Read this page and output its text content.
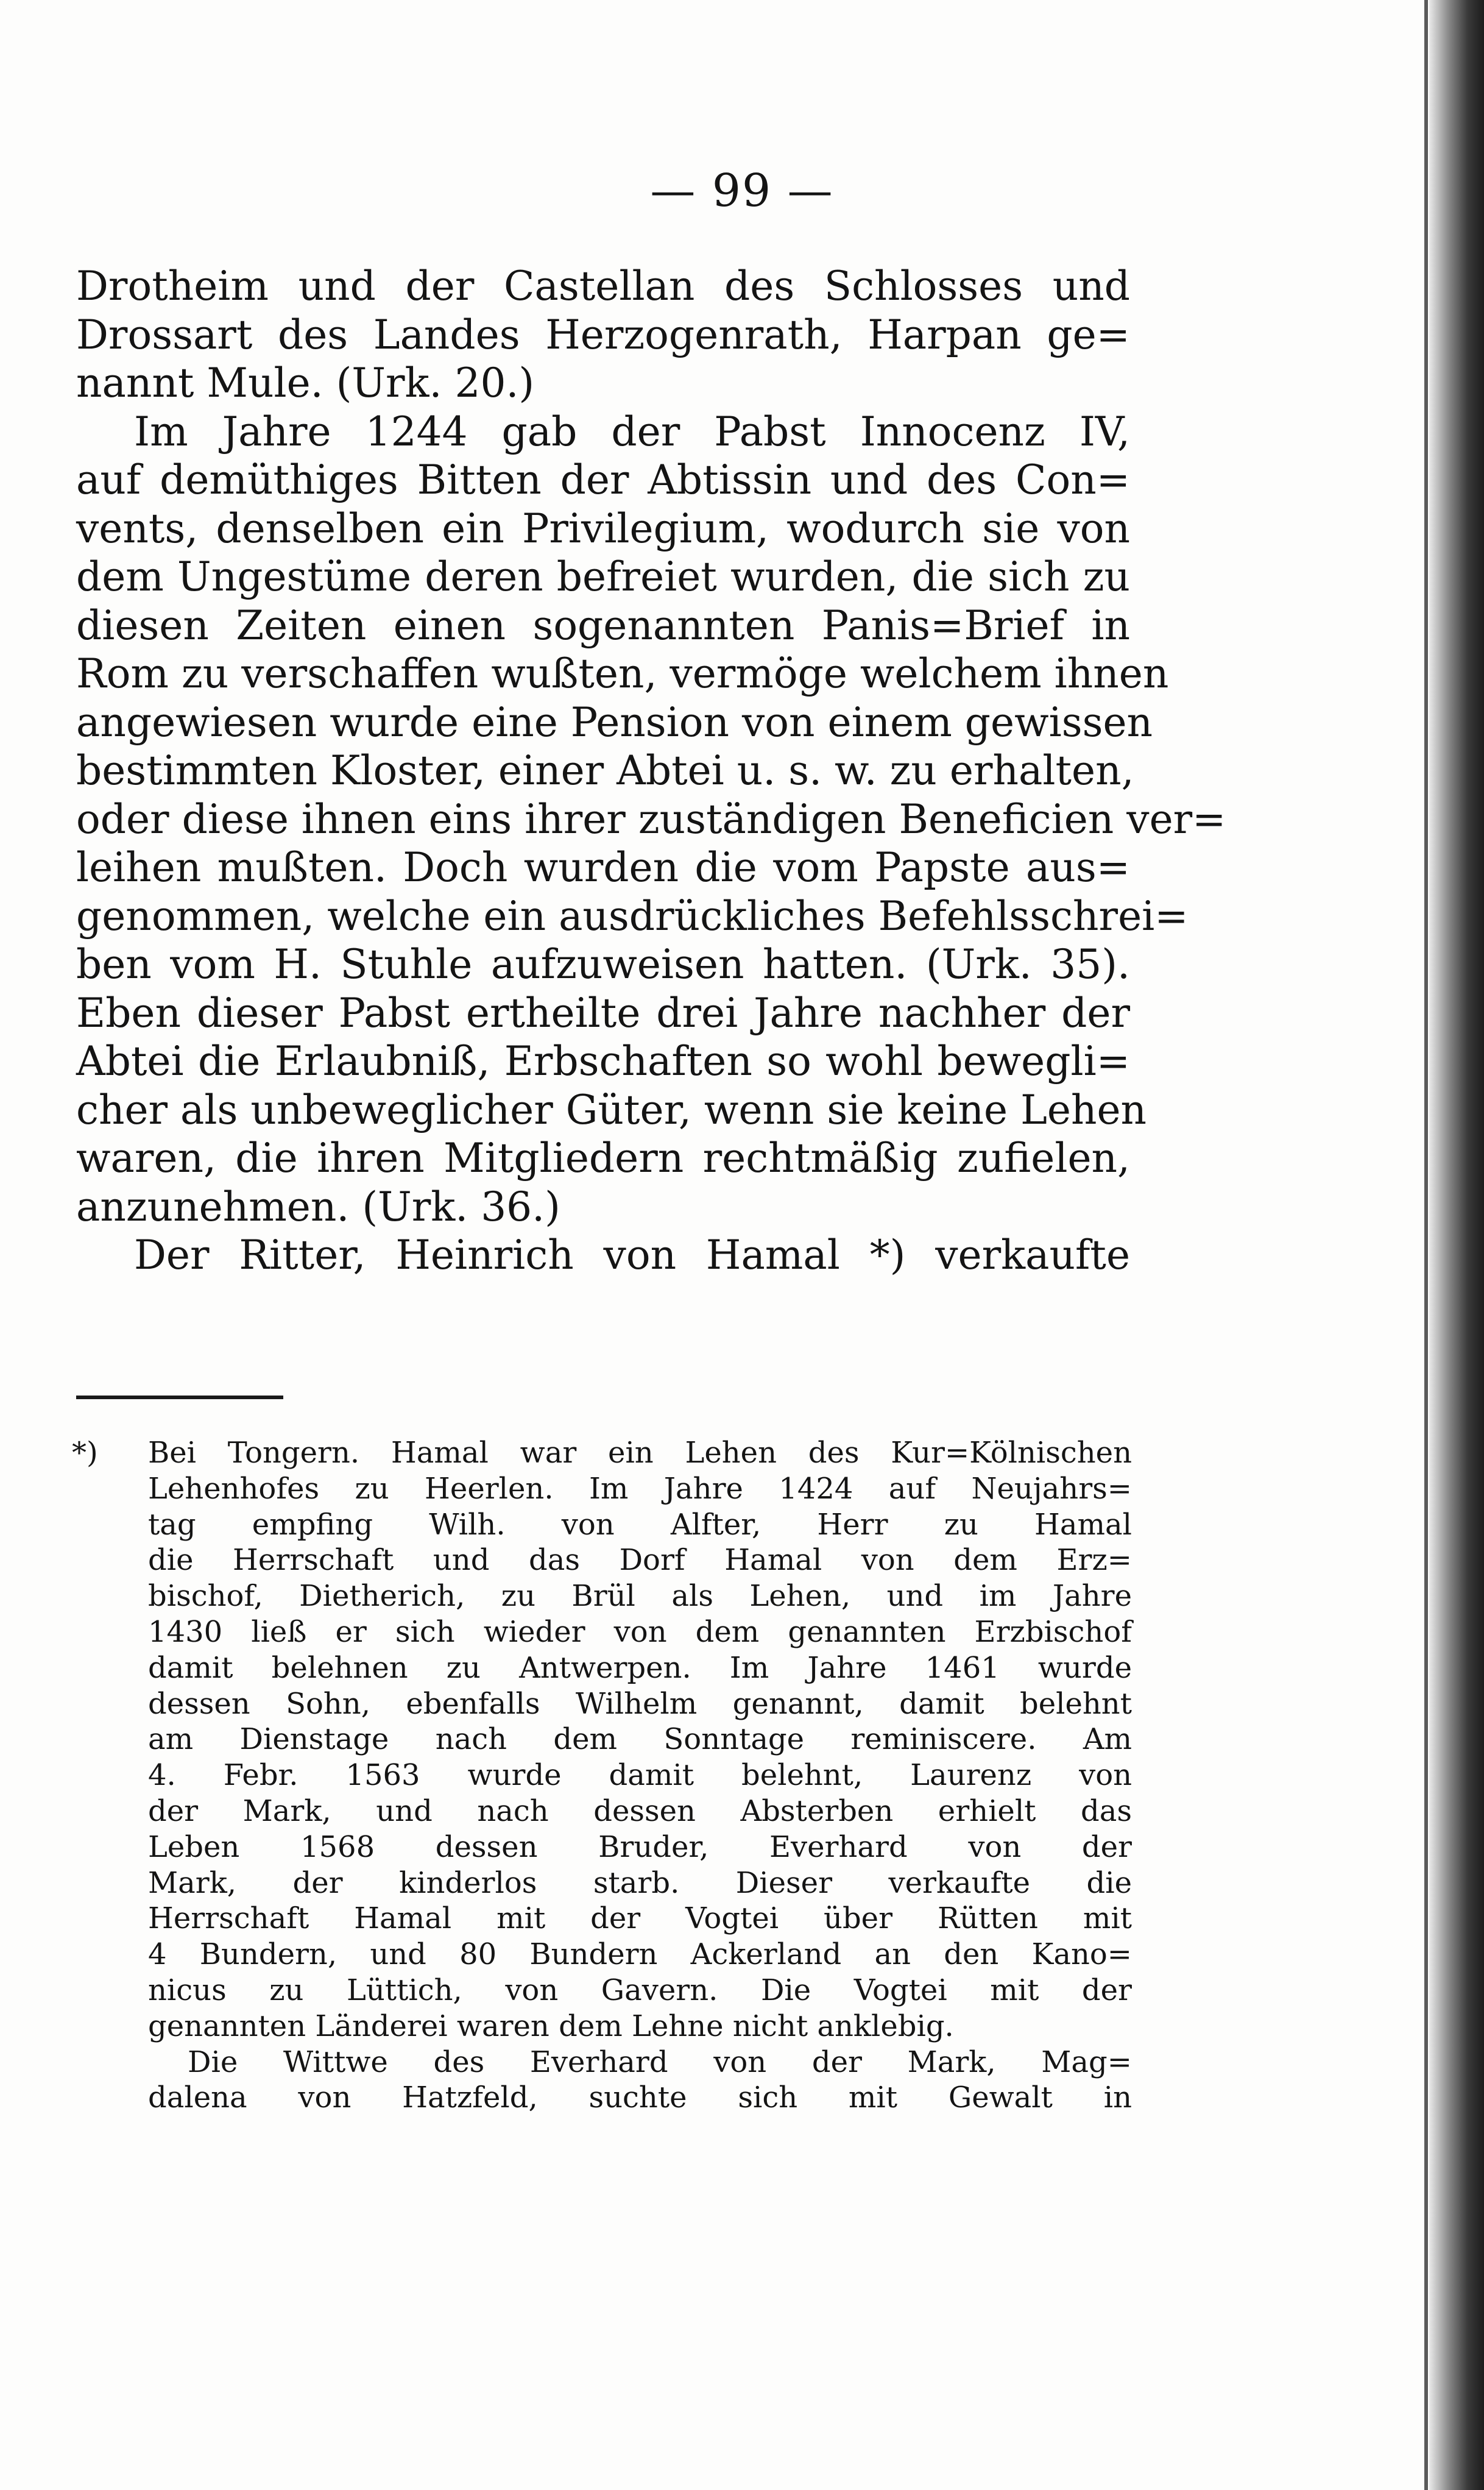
— 99 —
Drotheim und der Castellan des Schlosses und
Drossart des Landes Herzogenrath, Harpan ge=
nannt Mule. (Urk. 20.)
Im Jahre 1244 gab der Pabst Innocenz IV,
auf demüthiges Bitten der Abtissin und des Con=
vents, denselben ein Privilegium, wodurch sie von
dem Ungestüme deren befreiet wurden, die sich zu
diesen Zeiten einen sogenannten Panis=Brief in
Rom zu verschaffen wußten, vermöge welchem ihnen
angewiesen wurde eine Pension von einem gewissen
bestimmten Kloster, einer Abtei u. s. w. zu erhalten,
oder diese ihnen eins ihrer zuständigen Beneficien ver=
leihen mußten. Doch wurden die vom Papste aus=
genommen, welche ein ausdrückliches Befehlsschrei=
ben vom H. Stuhle aufzuweisen hatten. (Urk. 35).
Eben dieser Pabst ertheilte drei Jahre nachher der
Abtei die Erlaubniß, Erbschaften so wohl bewegli=
cher als unbeweglicher Güter, wenn sie keine Lehen
waren, die ihren Mitgliedern rechtmäßig zufielen,
anzunehmen. (Urk. 36.)
Der Ritter, Heinrich von Hamal *) verkaufte
*) Bei Tongern. Hamal war ein Lehen des Kur=Kölnischen
Lehenhofes zu Heerlen. Im Jahre 1424 auf Neujahrs=
tag empfing Wilh. von Alfter, Herr zu Hamal
die Herrschaft und das Dorf Hamal von dem Erz=
bischof, Dietherich, zu Brül als Lehen, und im Jahre
1430 ließ er sich wieder von dem genannten Erzbischof
damit belehnen zu Antwerpen. Im Jahre 1461 wurde
dessen Sohn, ebenfalls Wilhelm genannt, damit belehnt
am Dienstage nach dem Sonntage reminiscere. Am
4. Febr. 1563 wurde damit belehnt, Laurenz von
der Mark, und nach dessen Absterben erhielt das
Leben 1568 dessen Bruder, Everhard von der
Mark, der kinderlos starb. Dieser verkaufte die
Herrschaft Hamal mit der Vogtei über Rütten mit
4 Bundern, und 80 Bundern Ackerland an den Kano=
nicus zu Lüttich, von Gavern. Die Vogtei mit der
genannten Länderei waren dem Lehne nicht anklebig.
Die Wittwe des Everhard von der Mark, Mag=
dalena von Hatzfeld, suchte sich mit Gewalt in
